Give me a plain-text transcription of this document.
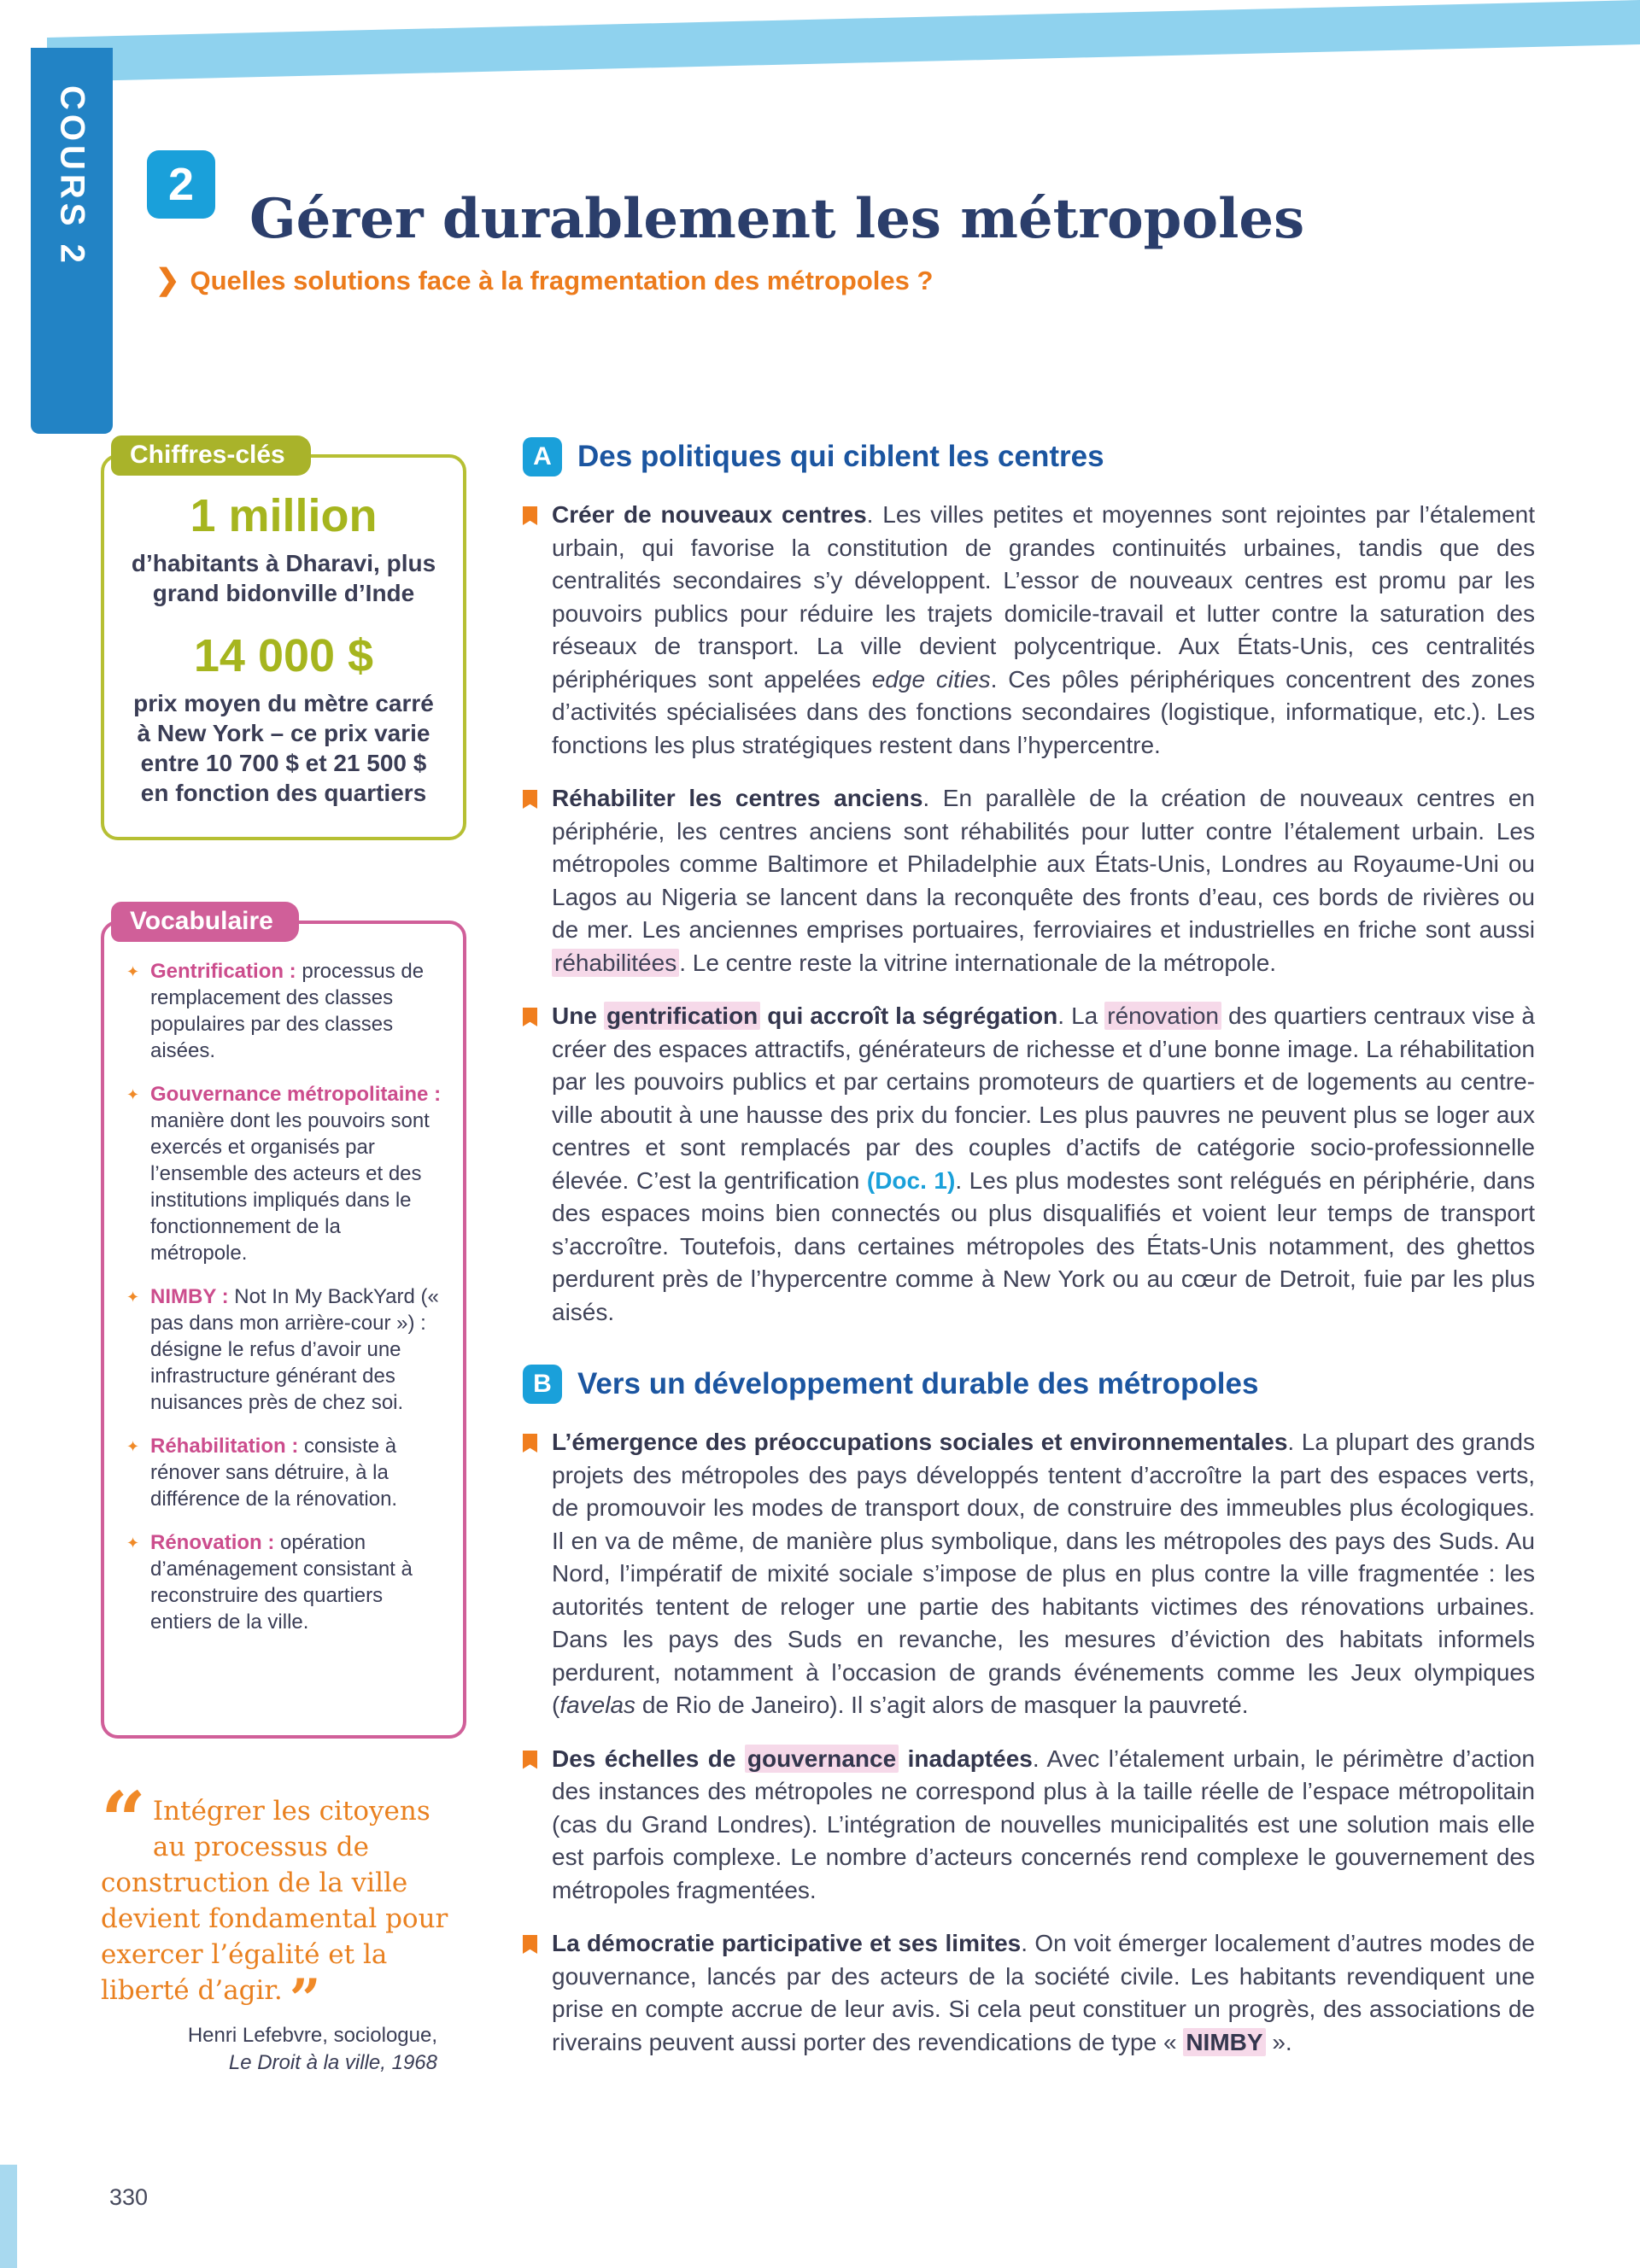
COURS 2	2
Gérer durablement les métropoles
❯ Quelles solutions face à la fragmentation des métropoles ?
Chiffres-clés
1 million
d’habitants à Dharavi, plus grand bidonville d’Inde
14 000 $
prix moyen du mètre carré à New York – ce prix varie entre 10 700 $ et 21 500 $ en fonction des quartiers
Vocabulaire
✦ Gentrification : processus de remplacement des classes populaires par des classes aisées.
✦ Gouvernance métropolitaine : manière dont les pouvoirs sont exercés et organisés par l’ensemble des acteurs et des institutions impliqués dans le fonctionnement de la métropole.
✦ NIMBY : Not In My BackYard (« pas dans mon arrière-cour ») : désigne le refus d’avoir une infrastructure générant des nuisances près de chez soi.
✦ Réhabilitation : consiste à rénover sans détruire, à la différence de la rénovation.
✦ Rénovation : opération d’aménagement consistant à reconstruire des quartiers entiers de la ville.
“ Intégrer les citoyens au processus de construction de la ville devient fondamental pour exercer l’égalité et la liberté d’agir. ”
Henri Lefebvre, sociologue,
Le Droit à la ville, 1968
A Des politiques qui ciblent les centres

Créer de nouveaux centres. Les villes petites et moyennes sont rejointes par l’étalement urbain, qui favorise la constitution de grandes continuités urbaines, tandis que des centralités secondaires s’y développent. L’essor de nouveaux centres est promu par les pouvoirs publics pour réduire les trajets domicile-travail et lutter contre la saturation des réseaux de transport. La ville devient polycentrique. Aux États-Unis, ces centralités périphériques sont appelées edge cities. Ces pôles périphériques concentrent des zones d’activités spécialisées dans des fonctions secondaires (logistique, informatique, etc.). Les fonctions les plus stratégiques restent dans l’hypercentre.

Réhabiliter les centres anciens. En parallèle de la création de nouveaux centres en périphérie, les centres anciens sont réhabilités pour lutter contre l’étalement urbain. Les métropoles comme Baltimore et Philadelphie aux États-Unis, Londres au Royaume-Uni ou Lagos au Nigeria se lancent dans la reconquête des fronts d’eau, ces bords de rivières ou de mer. Les anciennes emprises portuaires, ferroviaires et industrielles en friche sont aussi réhabilitées . Le centre reste la vitrine internationale de la métropole.

Une gentrification qui accroît la ségrégation. La rénovation des quartiers centraux vise à créer des espaces attractifs, générateurs de richesse et d’une bonne image. La réhabilitation par les pouvoirs publics et par certains promoteurs de quartiers et de logements au centre-ville aboutit à une hausse des prix du foncier. Les plus pauvres ne peuvent plus se loger aux centres et sont remplacés par des couples d’actifs de catégorie socio-professionnelle élevée. C’est la gentrification (Doc. 1). Les plus modestes sont relégués en périphérie, dans des espaces moins bien connectés ou plus disqualifiés et voient leur temps de transport s’accroître. Toutefois, dans certaines métropoles des États-Unis notamment, des ghettos perdurent près de l’hypercentre comme à New York ou au cœur de Detroit, fuie par les plus aisés.

B Vers un développement durable des métropoles

L’émergence des préoccupations sociales et environnementales. La plupart des grands projets des métropoles des pays développés tentent d’accroître la part des espaces verts, de promouvoir les modes de transport doux, de construire des immeubles plus écologiques. Il en va de même, de manière plus symbolique, dans les métropoles des pays des Suds. Au Nord, l’impératif de mixité sociale s’impose de plus en plus contre la ville fragmentée : les autorités tentent de reloger une partie des habitants victimes des rénovations urbaines. Dans les pays des Suds en revanche, les mesures d’éviction des habitats informels perdurent, notamment à l’occasion de grands événements comme les Jeux olympiques (favelas de Rio de Janeiro). Il s’agit alors de masquer la pauvreté.

Des échelles de gouvernance inadaptées. Avec l’étalement urbain, le périmètre d’action des instances des métropoles ne correspond plus à la taille réelle de l’espace métropolitain (cas du Grand Londres). L’intégration de nouvelles municipalités est une solution mais elle est parfois complexe. Le nombre d’acteurs concernés rend complexe le gouvernement des métropoles fragmentées.

La démocratie participative et ses limites. On voit émerger localement d’autres modes de gouvernance, lancés par des acteurs de la société civile. Les habitants revendiquent une prise en compte accrue de leur avis. Si cela peut constituer un progrès, des associations de riverains peuvent aussi porter des revendications de type « NIMBY ».

330
